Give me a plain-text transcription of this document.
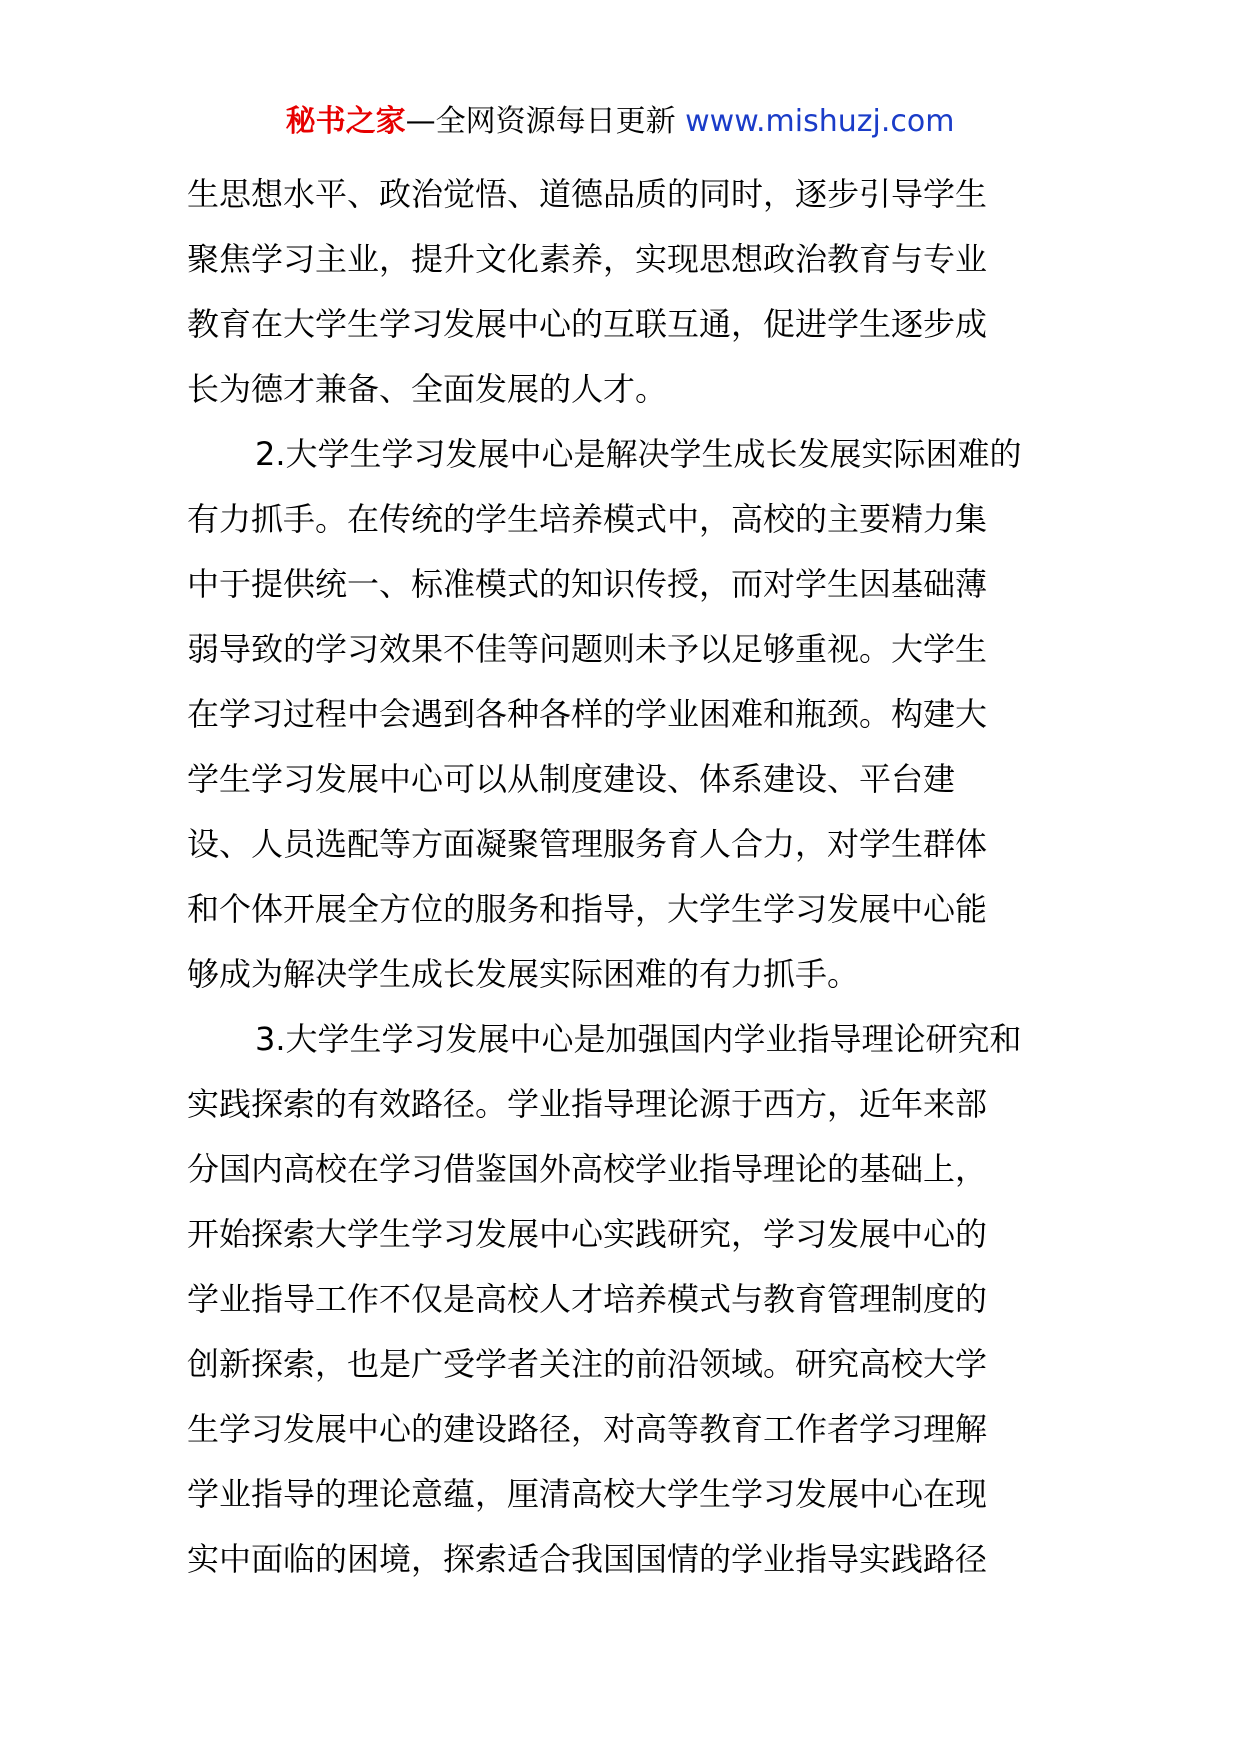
秘书之家—全网资源每日更新 www.mishuzj.com
生思想水平、政治觉悟、道德品质的同时，逐步引导学生
聚焦学习主业，提升文化素养，实现思想政治教育与专业
教育在大学生学习发展中心的互联互通，促进学生逐步成
长为德才兼备、全面发展的人才。
2.大学生学习发展中心是解决学生成长发展实际困难的
有力抓手。在传统的学生培养模式中，高校的主要精力集
中于提供统一、标准模式的知识传授，而对学生因基础薄
弱导致的学习效果不佳等问题则未予以足够重视。大学生
在学习过程中会遇到各种各样的学业困难和瓶颈。构建大
学生学习发展中心可以从制度建设、体系建设、平台建
设、人员选配等方面凝聚管理服务育人合力，对学生群体
和个体开展全方位的服务和指导，大学生学习发展中心能
够成为解决学生成长发展实际困难的有力抓手。
3.大学生学习发展中心是加强国内学业指导理论研究和
实践探索的有效路径。学业指导理论源于西方，近年来部
分国内高校在学习借鉴国外高校学业指导理论的基础上，
开始探索大学生学习发展中心实践研究，学习发展中心的
学业指导工作不仅是高校人才培养模式与教育管理制度的
创新探索，也是广受学者关注的前沿领域。研究高校大学
生学习发展中心的建设路径，对高等教育工作者学习理解
学业指导的理论意蕴，厘清高校大学生学习发展中心在现
实中面临的困境，探索适合我国国情的学业指导实践路径
